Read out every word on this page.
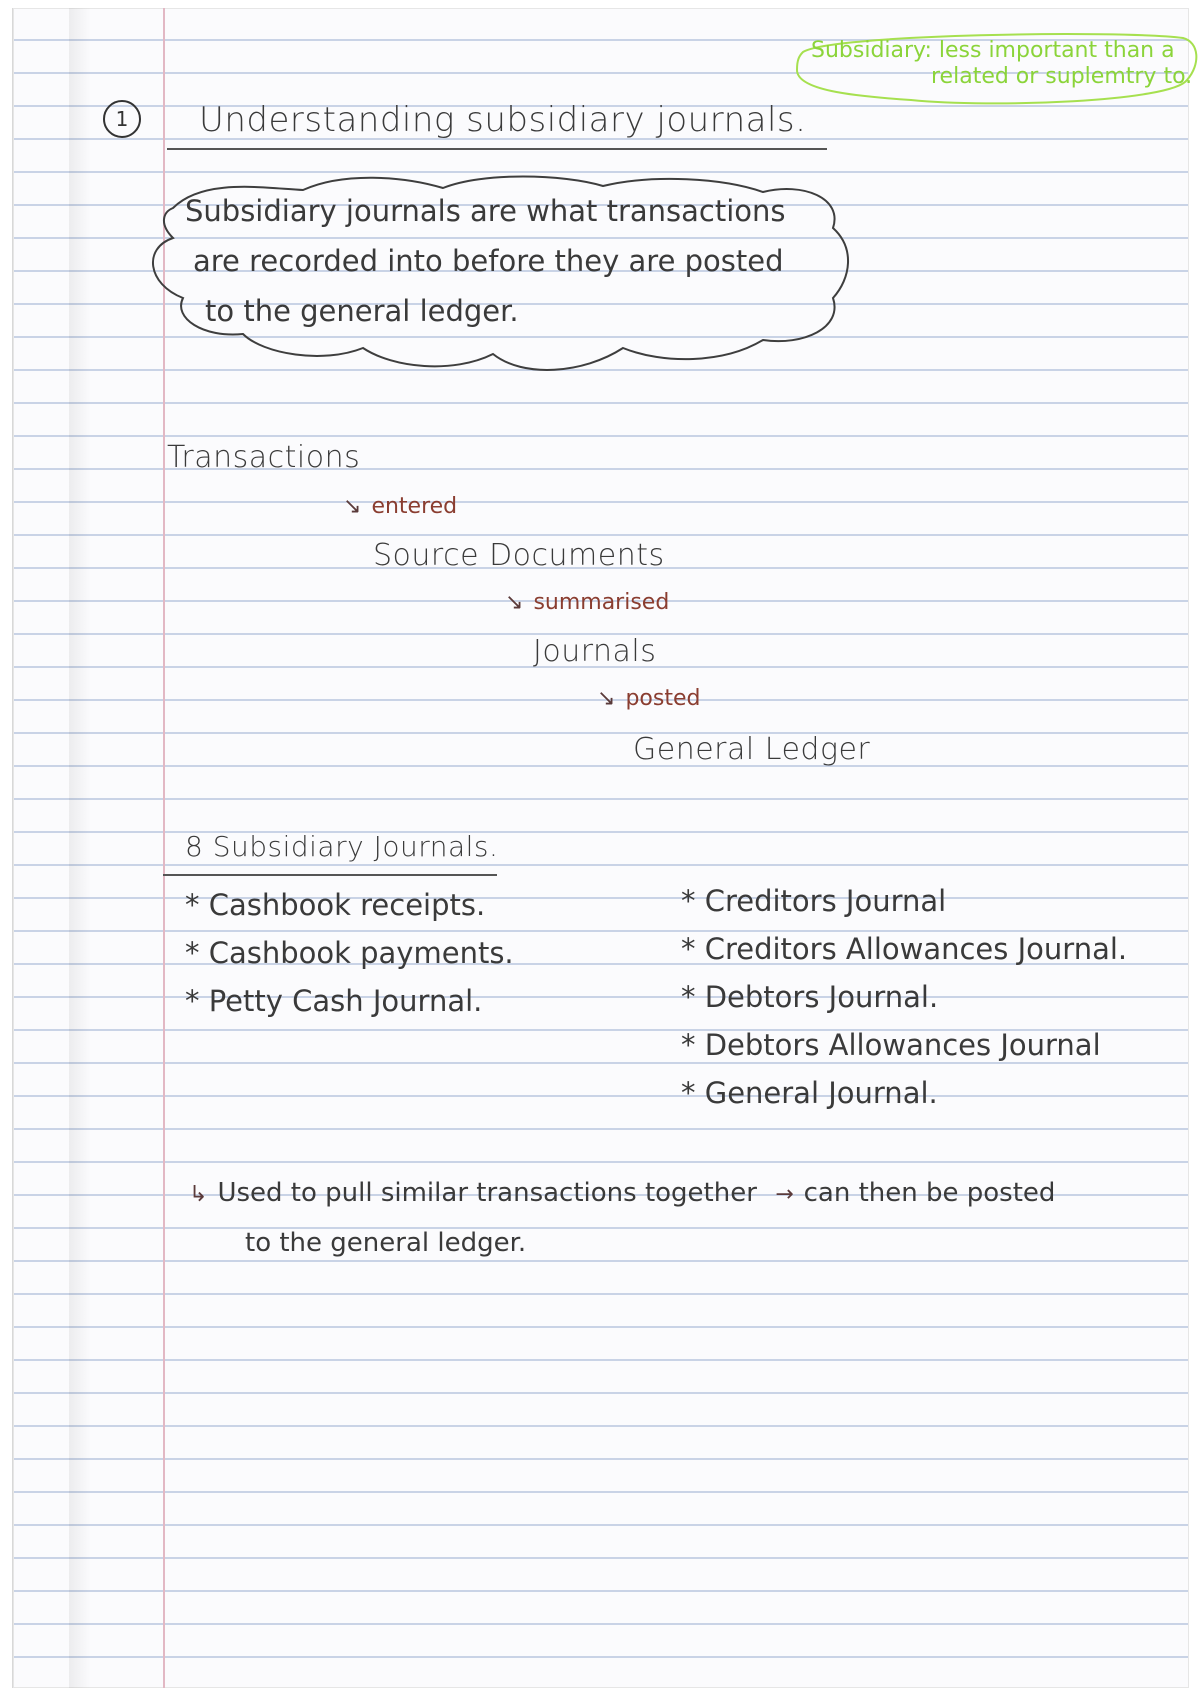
Subsidiary: less important than a
related or suplemtry to.
1	Understanding subsidiary journals.
Subsidiary journals are what transactions
are recorded into before they are posted
to the general ledger.
Transactions
↘ entered
Source Documents
↘ summarised
Journals
↘ posted
General Ledger
8 Subsidiary Journals.
* Cashbook receipts.
* Cashbook payments.
* Petty Cash Journal.
* Creditors Journal
* Creditors Allowances Journal.
* Debtors Journal.
* Debtors Allowances Journal
* General Journal.
↳ Used to pull similar transactions together → can then be posted
to the general ledger.
